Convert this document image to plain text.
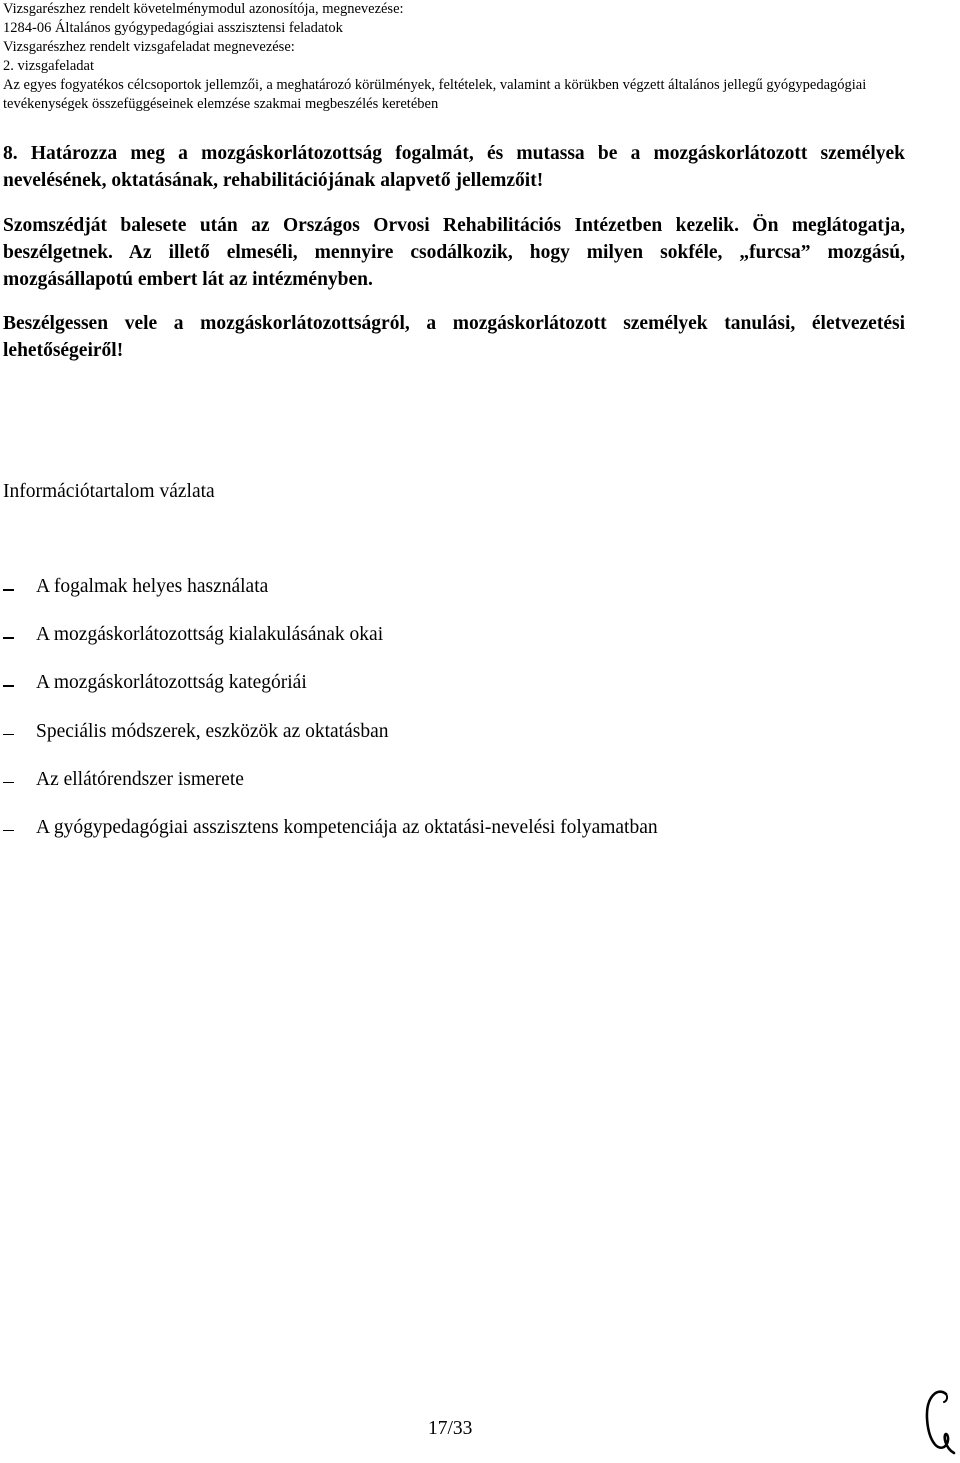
Vizsgarészhez rendelt követelménymodul azonosítója, megnevezése:
1284-06 Általános gyógypedagógiai asszisztensi feladatok
Vizsgarészhez rendelt vizsgafeladat megnevezése:
2. vizsgafeladat
Az egyes fogyatékos célcsoportok jellemzői, a meghatározó körülmények, feltételek, valamint a körükben végzett általános jellegű gyógypedagógiai
tevékenységek összefüggéseinek elemzése szakmai megbeszélés keretében

8. Határozza meg a mozgáskorlátozottság fogalmát, és mutassa be a mozgáskorlátozott személyek nevelésének, oktatásának, rehabilitációjának alapvető jellemzőit!

Szomszédját balesete után az Országos Orvosi Rehabilitációs Intézetben kezelik. Ön meglátogatja, beszélgetnek. Az illető elmeséli, mennyire csodálkozik, hogy milyen sokféle, „furcsa” mozgású, mozgásállapotú embert lát az intézményben.

Beszélgessen vele a mozgáskorlátozottságról, a mozgáskorlátozott személyek tanulási, életvezetési lehetőségeiről!

Információtartalom vázlata
A fogalmak helyes használata
A mozgáskorlátozottság kialakulásának okai
A mozgáskorlátozottság kategóriái
Speciális módszerek, eszközök az oktatásban
Az ellátórendszer ismerete
A gyógypedagógiai asszisztens kompetenciája az oktatási-nevelési folyamatban
17/33
